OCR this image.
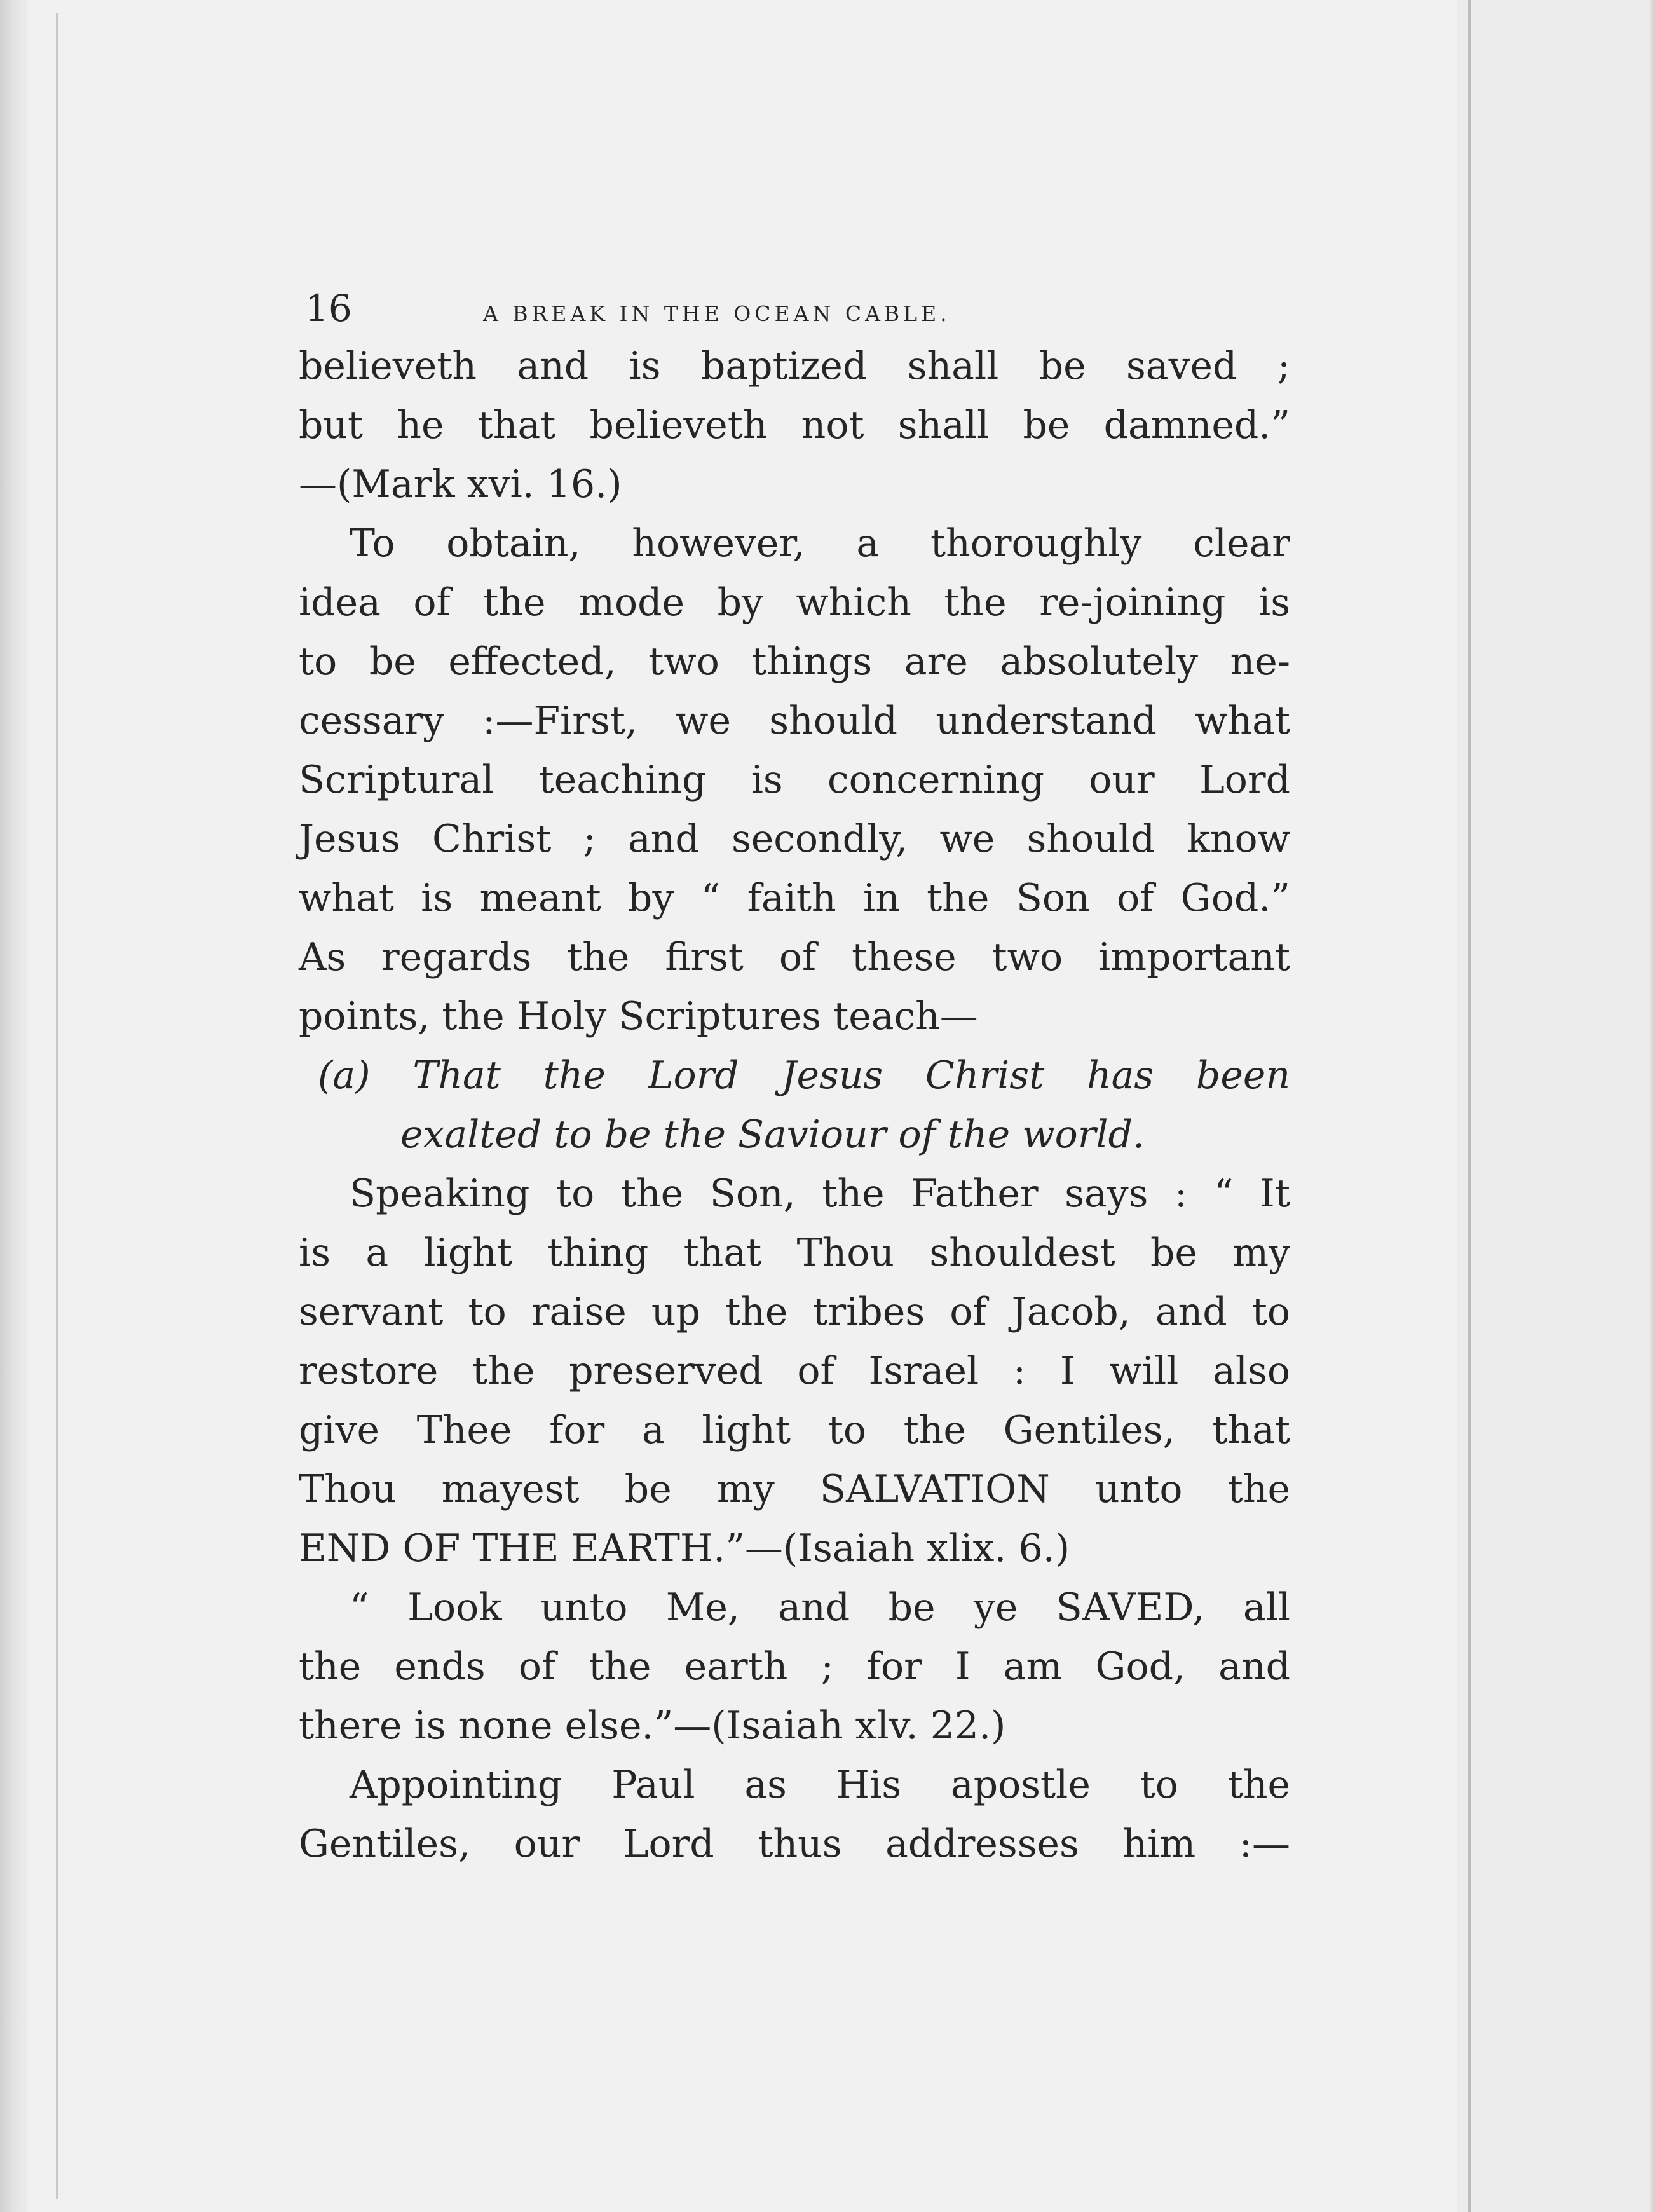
16	A BREAK IN THE OCEAN CABLE.
believeth and is baptized shall be saved ;
but he that believeth not shall be damned.”
—(Mark xvi. 16.)
To obtain, however, a thoroughly clear
idea of the mode by which the re-joining is
to be effected, two things are absolutely ne-
cessary :—First, we should understand what
Scriptural teaching is concerning our Lord
Jesus Christ ; and secondly, we should know
what is meant by “ faith in the Son of God.”
As regards the first of these two important
points, the Holy Scriptures teach—
(a) That the Lord Jesus Christ has been
exalted to be the Saviour of the world.
Speaking to the Son, the Father says : “ It
is a light thing that Thou shouldest be my
servant to raise up the tribes of Jacob, and to
restore the preserved of Israel : I will also
give Thee for a light to the Gentiles, that
Thou mayest be my SALVATION unto the
END OF THE EARTH.”—(Isaiah xlix. 6.)
“ Look unto Me, and be ye SAVED, all
the ends of the earth ; for I am God, and
there is none else.”—(Isaiah xlv. 22.)
Appointing Paul as His apostle to the
Gentiles, our Lord thus addresses him :—
